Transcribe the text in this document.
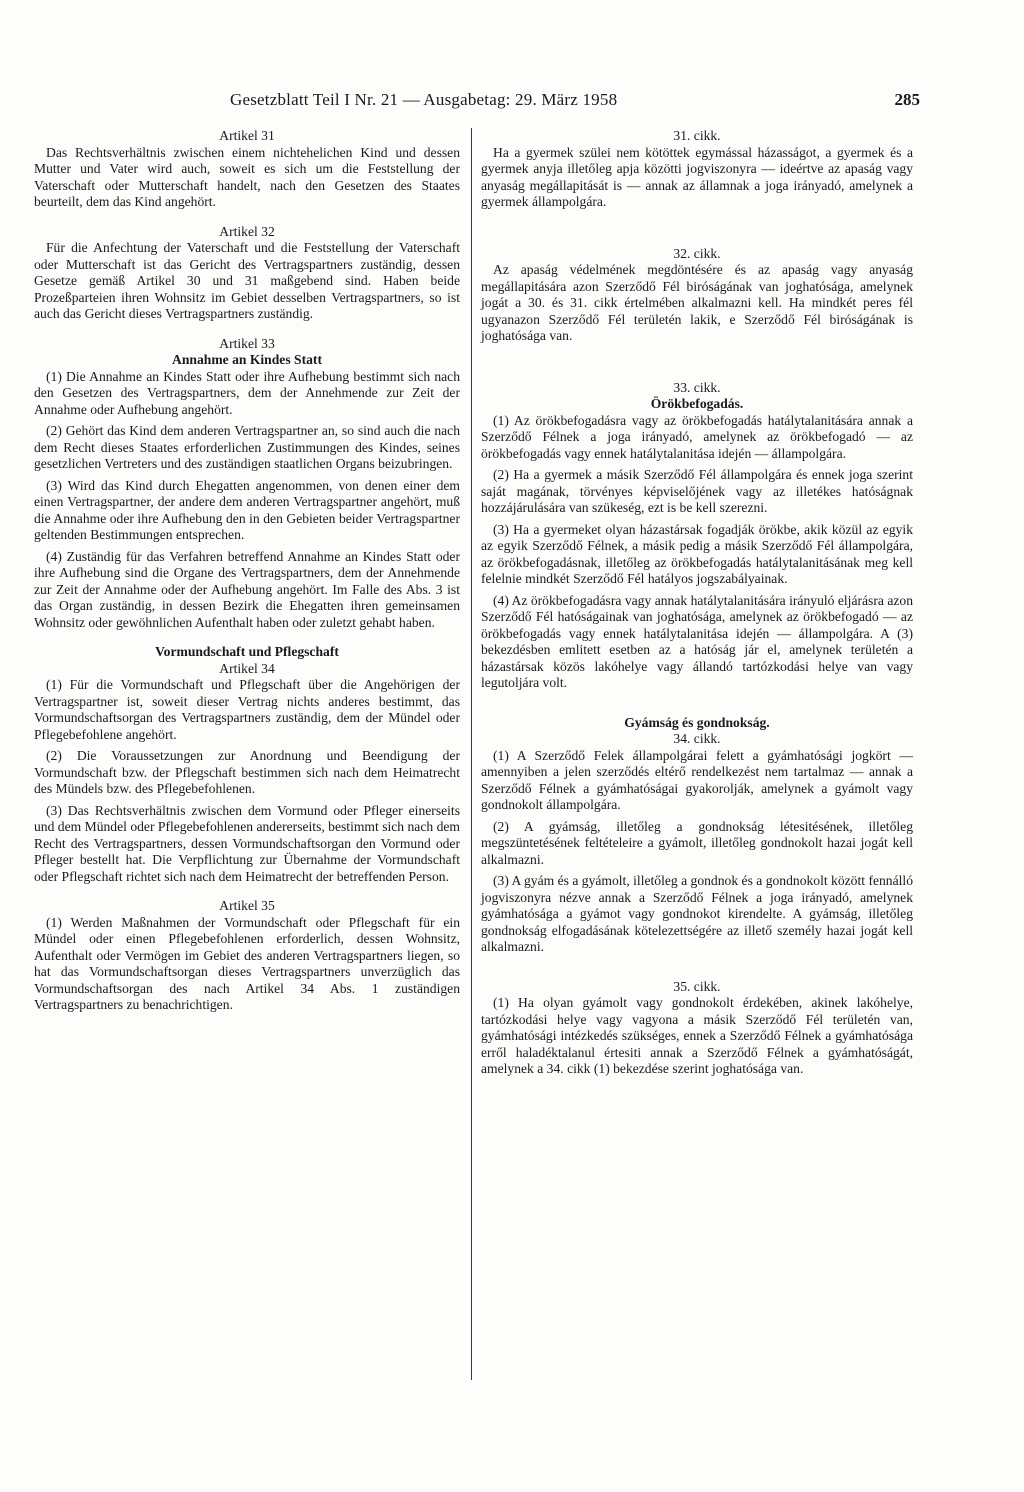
Gesetzblatt Teil I Nr. 21 — Ausgabetag: 29. März 1958	285

Artikel 31

Das Rechtsverhältnis zwischen einem nichtehelichen Kind und dessen Mutter und Vater wird auch, soweit es sich um die Feststellung der Vaterschaft oder Mutterschaft handelt, nach den Gesetzen des Staates beurteilt, dem das Kind angehört.

Artikel 32

Für die Anfechtung der Vaterschaft und die Feststellung der Vaterschaft oder Mutterschaft ist das Gericht des Vertragspartners zuständig, dessen Gesetze gemäß Artikel 30 und 31 maßgebend sind. Haben beide Prozeßparteien ihren Wohnsitz im Gebiet desselben Vertragspartners, so ist auch das Gericht dieses Vertragspartners zuständig.

Artikel 33

Annahme an Kindes Statt

(1) Die Annahme an Kindes Statt oder ihre Aufhebung bestimmt sich nach den Gesetzen des Vertragspartners, dem der Annehmende zur Zeit der Annahme oder Aufhebung angehört.

(2) Gehört das Kind dem anderen Vertragspartner an, so sind auch die nach dem Recht dieses Staates erforderlichen Zustimmungen des Kindes, seines gesetzlichen Vertreters und des zuständigen staatlichen Organs beizubringen.

(3) Wird das Kind durch Ehegatten angenommen, von denen einer dem einen Vertragspartner, der andere dem anderen Vertragspartner angehört, muß die Annahme oder ihre Aufhebung den in den Gebieten beider Vertragspartner geltenden Bestimmungen entsprechen.

(4) Zuständig für das Verfahren betreffend Annahme an Kindes Statt oder ihre Aufhebung sind die Organe des Vertragspartners, dem der Annehmende zur Zeit der Annahme oder der Aufhebung angehört. Im Falle des Abs. 3 ist das Organ zuständig, in dessen Bezirk die Ehegatten ihren gemeinsamen Wohnsitz oder gewöhnlichen Aufenthalt haben oder zuletzt gehabt haben.

Vormundschaft und Pflegschaft

Artikel 34

(1) Für die Vormundschaft und Pflegschaft über die Angehörigen der Vertragspartner ist, soweit dieser Vertrag nichts anderes bestimmt, das Vormundschaftsorgan des Vertragspartners zuständig, dem der Mündel oder Pflegebefohlene angehört.

(2) Die Voraussetzungen zur Anordnung und Beendigung der Vormundschaft bzw. der Pflegschaft bestimmen sich nach dem Heimatrecht des Mündels bzw. des Pflegebefohlenen.

(3) Das Rechtsverhältnis zwischen dem Vormund oder Pfleger einerseits und dem Mündel oder Pflegebefohlenen andererseits, bestimmt sich nach dem Recht des Vertragspartners, dessen Vormundschaftsorgan den Vormund oder Pfleger bestellt hat. Die Verpflichtung zur Übernahme der Vormundschaft oder Pflegschaft richtet sich nach dem Heimatrecht der betreffenden Person.

Artikel 35

(1) Werden Maßnahmen der Vormundschaft oder Pflegschaft für ein Mündel oder einen Pflegebefohlenen erforderlich, dessen Wohnsitz, Aufenthalt oder Vermögen im Gebiet des anderen Vertragspartners liegen, so hat das Vormundschaftsorgan dieses Vertragspartners unverzüglich das Vormundschaftsorgan des nach Artikel 34 Abs. 1 zuständigen Vertragspartners zu benachrichtigen.

31. cikk.

Ha a gyermek szülei nem kötöttek egymással házasságot, a gyermek és a gyermek anyja illetőleg apja közötti jogviszonyra — ideértve az apaság vagy anyaság megállapitását is — annak az államnak a joga irányadó, amelynek a gyermek állampolgára.

32. cikk.

Az apaság védelmének megdöntésére és az apaság vagy anyaság megállapitására azon Szerződő Fél biróságának van joghatósága, amelynek jogát a 30. és 31. cikk értelmében alkalmazni kell. Ha mindkét peres fél ugyanazon Szerződő Fél területén lakik, e Szerződő Fél biróságának is joghatósága van.

33. cikk.

Örökbefogadás.

(1) Az örökbefogadásra vagy az örökbefogadás hatálytalanitására annak a Szerződő Félnek a joga irányadó, amelynek az örökbefogadó — az örökbefogadás vagy ennek hatálytalanitása idején — állampolgára.

(2) Ha a gyermek a másik Szerződő Fél állampolgára és ennek joga szerint saját magának, törvényes képviselőjének vagy az illetékes hatóságnak hozzájárulására van szükeség, ezt is be kell szerezni.

(3) Ha a gyermeket olyan házastársak fogadják örökbe, akik közül az egyik az egyik Szerződő Félnek, a másik pedig a másik Szerződő Fél állampolgára, az örökbefogadásnak, illetőleg az örökbefogadás hatálytalanitásának meg kell felelnie mindkét Szerződő Fél hatályos jogszabályainak.

(4) Az örökbefogadásra vagy annak hatálytalanitására irányuló eljárásra azon Szerződő Fél hatóságainak van joghatósága, amelynek az örökbefogadó — az örökbefogadás vagy ennek hatálytalanitása idején — állampolgára. A (3) bekezdésben emlitett esetben az a hatóság jár el, amelynek területén a házastársak közös lakóhelye vagy állandó tartózkodási helye van vagy legutoljára volt.

Gyámság és gondnokság.

34. cikk.

(1) A Szerződő Felek állampolgárai felett a gyámhatósági jogkört — amennyiben a jelen szerződés eltérő rendelkezést nem tartalmaz — annak a Szerződő Félnek a gyámhatóságai gyakorolják, amelynek a gyámolt vagy gondnokolt állampolgára.

(2) A gyámság, illetőleg a gondnokság létesitésének, illetőleg megszüntetésének feltételeire a gyámolt, illetőleg gondnokolt hazai jogát kell alkalmazni.

(3) A gyám és a gyámolt, illetőleg a gondnok és a gondnokolt között fennálló jogviszonyra nézve annak a Szerződő Félnek a joga irányadó, amelynek gyámhatósága a gyámot vagy gondnokot kirendelte. A gyámság, illetőleg gondnokság elfogadásának kötelezettségére az illető személy hazai jogát kell alkalmazni.

35. cikk.

(1) Ha olyan gyámolt vagy gondnokolt érdekében, akinek lakóhelye, tartózkodási helye vagy vagyona a másik Szerződő Fél területén van, gyámhatósági intézkedés szükséges, ennek a Szerződő Félnek a gyámhatósága erről haladéktalanul értesiti annak a Szerződő Félnek a gyámhatóságát, amelynek a 34. cikk (1) bekezdése szerint joghatósága van.
